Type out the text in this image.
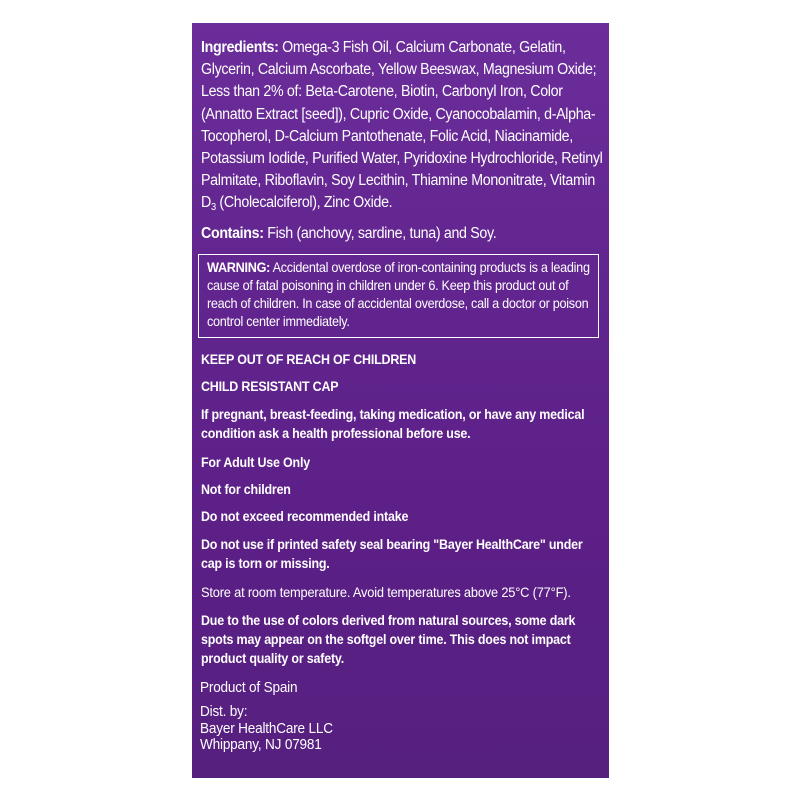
Ingredients: Omega-3 Fish Oil, Calcium Carbonate, Gelatin, Glycerin, Calcium Ascorbate, Yellow Beeswax, Magnesium Oxide; Less than 2% of: Beta-Carotene, Biotin, Carbonyl Iron, Color (Annatto Extract [seed]), Cupric Oxide, Cyanocobalamin, d-Alpha-Tocopherol, D-Calcium Pantothenate, Folic Acid, Niacinamide, Potassium Iodide, Purified Water, Pyridoxine Hydrochloride, Retinyl Palmitate, Riboflavin, Soy Lecithin, Thiamine Mononitrate, Vitamin $D_3$ (Cholecalciferol), Zinc Oxide.
Contains: Fish (anchovy, sardine, tuna) and Soy.
WARNING: Accidental overdose of iron-containing products is a leading cause of fatal poisoning in children under 6. Keep this product out of reach of children. In case of accidental overdose, call a doctor or poison control center immediately.
KEEP OUT OF REACH OF CHILDREN
CHILD RESISTANT CAP
If pregnant, breast-feeding, taking medication, or have any medical condition ask a health professional before use.
For Adult Use Only
Not for children
Do not exceed recommended intake
Do not use if printed safety seal bearing "Bayer HealthCare" under cap is torn or missing.
Store at room temperature. Avoid temperatures above 25°C (77°F).
Due to the use of colors derived from natural sources, some dark spots may appear on the softgel over time. This does not impact product quality or safety.
Product of Spain
Dist. by:
Bayer HealthCare LLC
Whippany, NJ 07981
